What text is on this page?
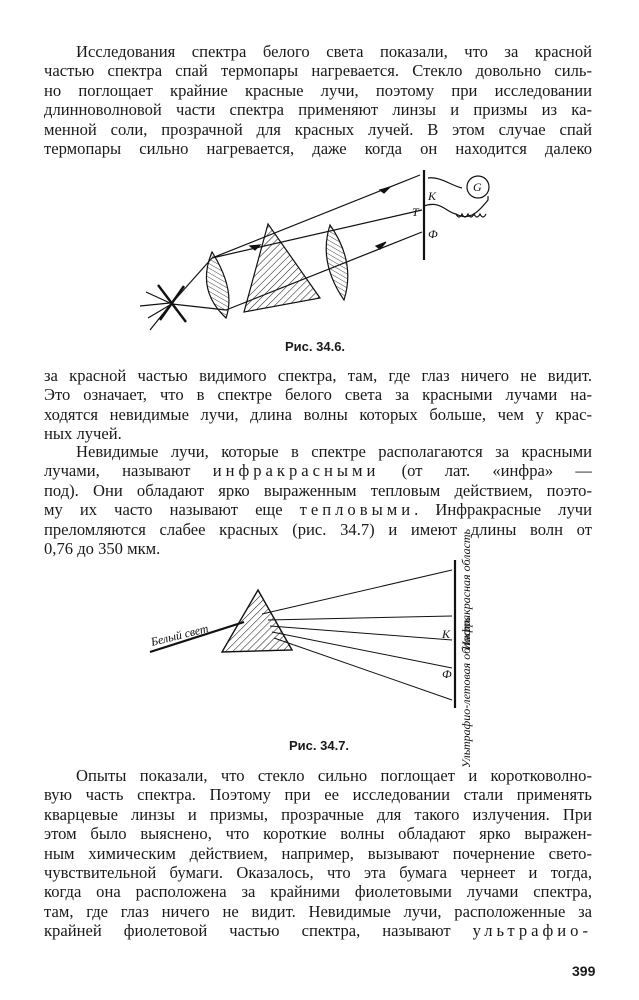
Исследования спектра белого света показали, что за красной
частью спектра спай термопары нагревается. Стекло довольно силь-
но поглощает крайние красные лучи, поэтому при исследовании
длинноволновой части спектра применяют линзы и призмы из ка-
менной соли, прозрачной для красных лучей. В этом случае спай
термопары сильно нагревается, даже когда он находится далеко
G
К
Т
Ф
Белый свет	Инфракрасная область
Ультрафио-летовая область
К
Ф
Рис. 34.6.
за красной частью видимого спектра, там, где глаз ничего не видит.
Это означает, что в спектре белого света за красными лучами на-
ходятся невидимые лучи, длина волны которых больше, чем у крас-
ных лучей.
Невидимые лучи, которые в спектре располагаются за красными
лучами, называют инфракрасными (от лат. «инфра» —
под). Они обладают ярко выраженным тепловым действием, поэто-
му их часто называют еще тепловыми. Инфракрасные лучи
преломляются слабее красных (рис. 34.7) и имеют длины волн от
0,76 до 350 мкм.
Рис. 34.7.
Опыты показали, что стекло сильно поглощает и коротковолно-
вую часть спектра. Поэтому при ее исследовании стали применять
кварцевые линзы и призмы, прозрачные для такого излучения. При
этом было выяснено, что короткие волны обладают ярко выражен-
ным химическим действием, например, вызывают почернение свето-
чувствительной бумаги. Оказалось, что эта бумага чернеет и тогда,
когда она расположена за крайними фиолетовыми лучами спектра,
там, где глаз ничего не видит. Невидимые лучи, расположенные за
крайней фиолетовой частью спектра, называют ультрафио-
399
